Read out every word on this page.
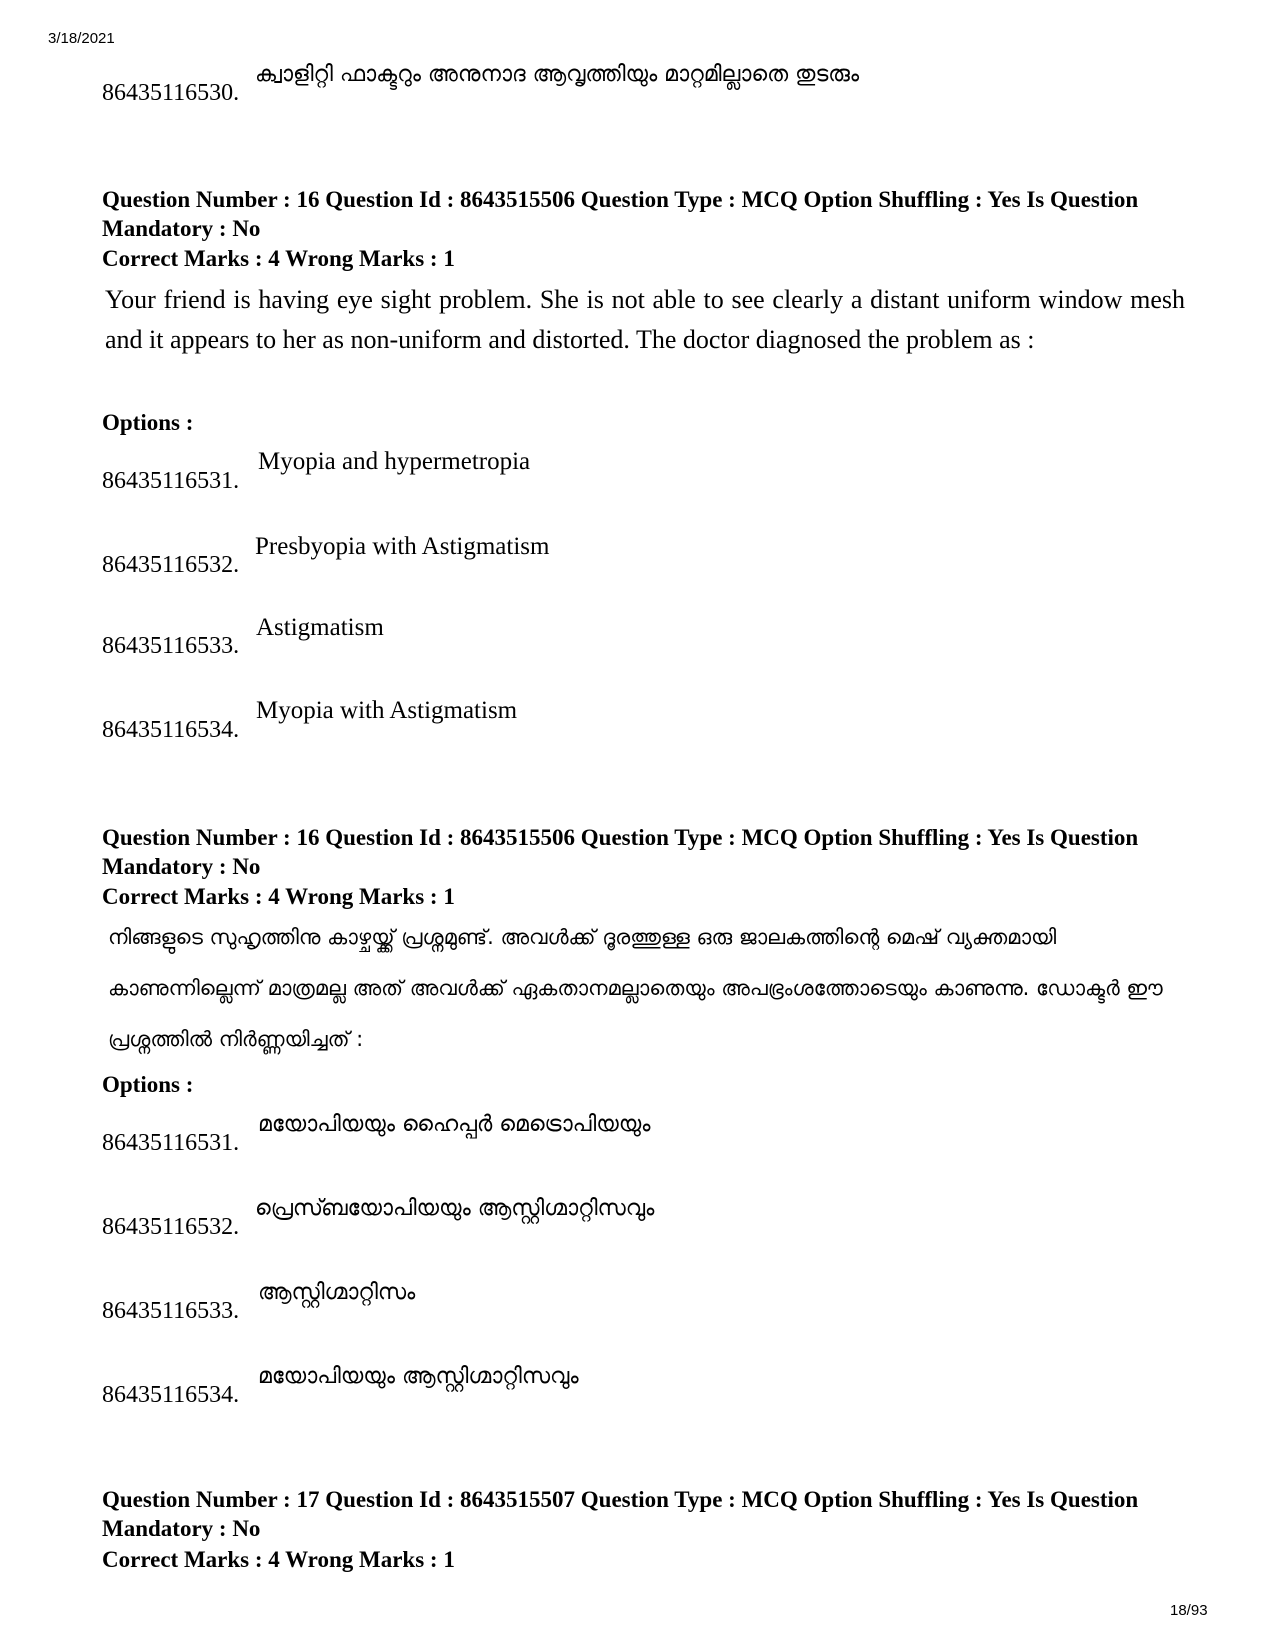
3/18/2021
86435116530.
ക്വാളിറ്റി ഫാക്ടറും അനുനാദ ആവൃത്തിയും മാറ്റമില്ലാതെ തുടരും
Question Number : 16 Question Id : 8643515506 Question Type : MCQ Option Shuffling : Yes Is Question Mandatory : No
Correct Marks : 4 Wrong Marks : 1
Your friend is having eye sight problem. She is not able to see clearly a distant uniform window mesh and it appears to her as non-uniform and distorted. The doctor diagnosed the problem as :
Options :
86435116531.
Myopia and hypermetropia
86435116532.
Presbyopia with Astigmatism
86435116533.
Astigmatism
86435116534.
Myopia with Astigmatism
Question Number : 16 Question Id : 8643515506 Question Type : MCQ Option Shuffling : Yes Is Question Mandatory : No
Correct Marks : 4 Wrong Marks : 1
നിങ്ങളുടെ സുഹൃത്തിനു കാഴ്ചയ്ക്ക് പ്രശ്നമുണ്ട്. അവൾക്ക് ദൂരത്തുള്ള ഒരു ജാലകത്തിന്റെ മെഷ് വ്യക്തമായി കാണുന്നില്ലെന്ന് മാത്രമല്ല അത് അവൾക്ക് ഏകതാനമല്ലാതെയും അപഭ്രംശത്തോടെയും കാണുന്നു. ഡോക്ടർ ഈ പ്രശ്നത്തിൽ നിർണ്ണയിച്ചത് :
Options :
86435116531.
മയോപിയയും ഹൈപ്പർ മെട്രൊപിയയും
86435116532.
പ്രെസ്ബയോപിയയും ആസ്റ്റിഗ്മാറ്റിസവും
86435116533.
ആസ്റ്റിഗ്മാറ്റിസം
86435116534.
മയോപിയയും ആസ്റ്റിഗ്മാറ്റിസവും
Question Number : 17 Question Id : 8643515507 Question Type : MCQ Option Shuffling : Yes Is Question Mandatory : No
Correct Marks : 4 Wrong Marks : 1
18/93
